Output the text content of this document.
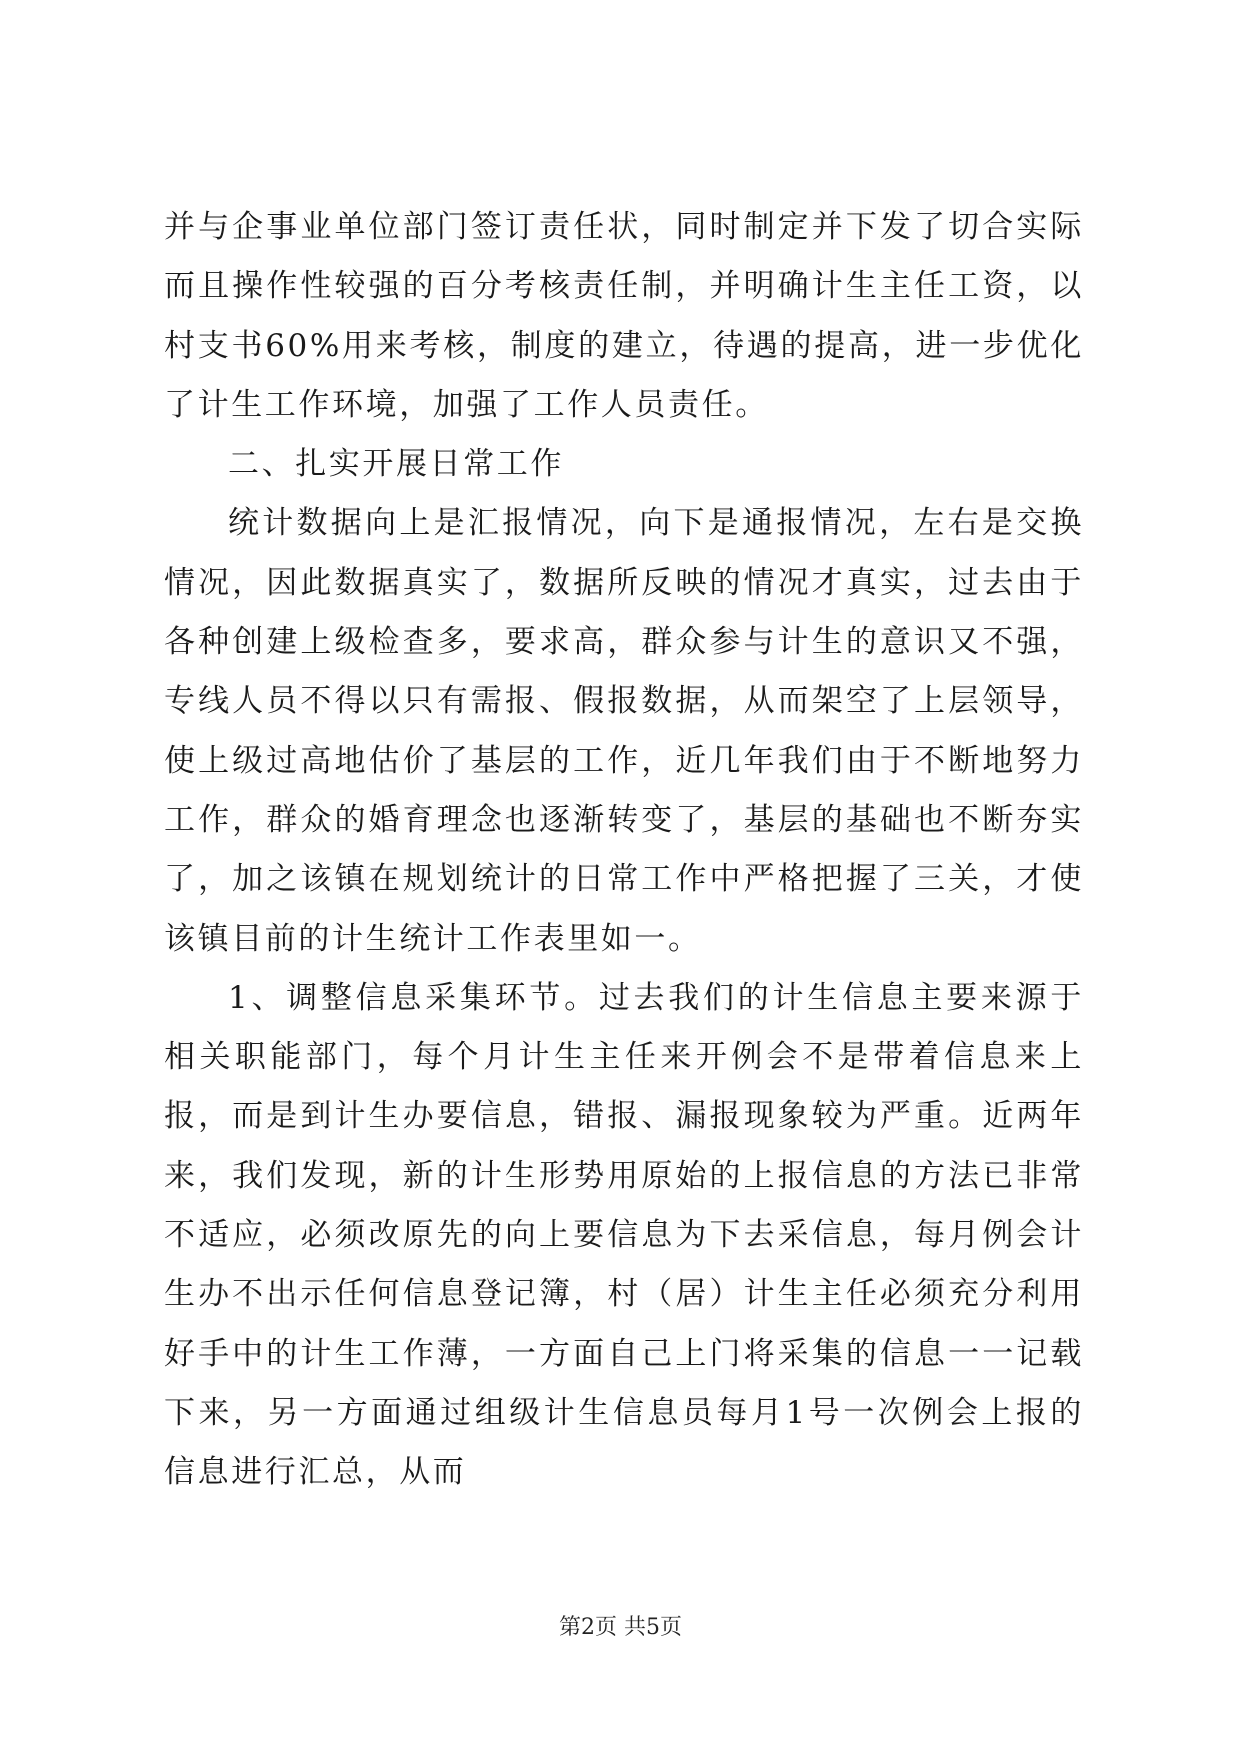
并与企事业单位部门签订责任状，同时制定并下发了切合实际而且操作性较强的百分考核责任制，并明确计生主任工资，以村支书60%用来考核，制度的建立，待遇的提高，进一步优化了计生工作环境，加强了工作人员责任。

二、扎实开展日常工作

统计数据向上是汇报情况，向下是通报情况，左右是交换情况，因此数据真实了，数据所反映的情况才真实，过去由于各种创建上级检查多，要求高，群众参与计生的意识又不强，专线人员不得以只有需报、假报数据，从而架空了上层领导，使上级过高地估价了基层的工作，近几年我们由于不断地努力工作，群众的婚育理念也逐渐转变了，基层的基础也不断夯实了，加之该镇在规划统计的日常工作中严格把握了三关，才使该镇目前的计生统计工作表里如一。

1、调整信息采集环节。过去我们的计生信息主要来源于相关职能部门，每个月计生主任来开例会不是带着信息来上报，而是到计生办要信息，错报、漏报现象较为严重。近两年来，我们发现，新的计生形势用原始的上报信息的方法已非常不适应，必须改原先的向上要信息为下去采信息，每月例会计生办不出示任何信息登记簿，村（居）计生主任必须充分利用好手中的计生工作薄，一方面自己上门将采集的信息一一记载下来，另一方面通过组级计生信息员每月1号一次例会上报的信息进行汇总，从而

第2页 共5页
